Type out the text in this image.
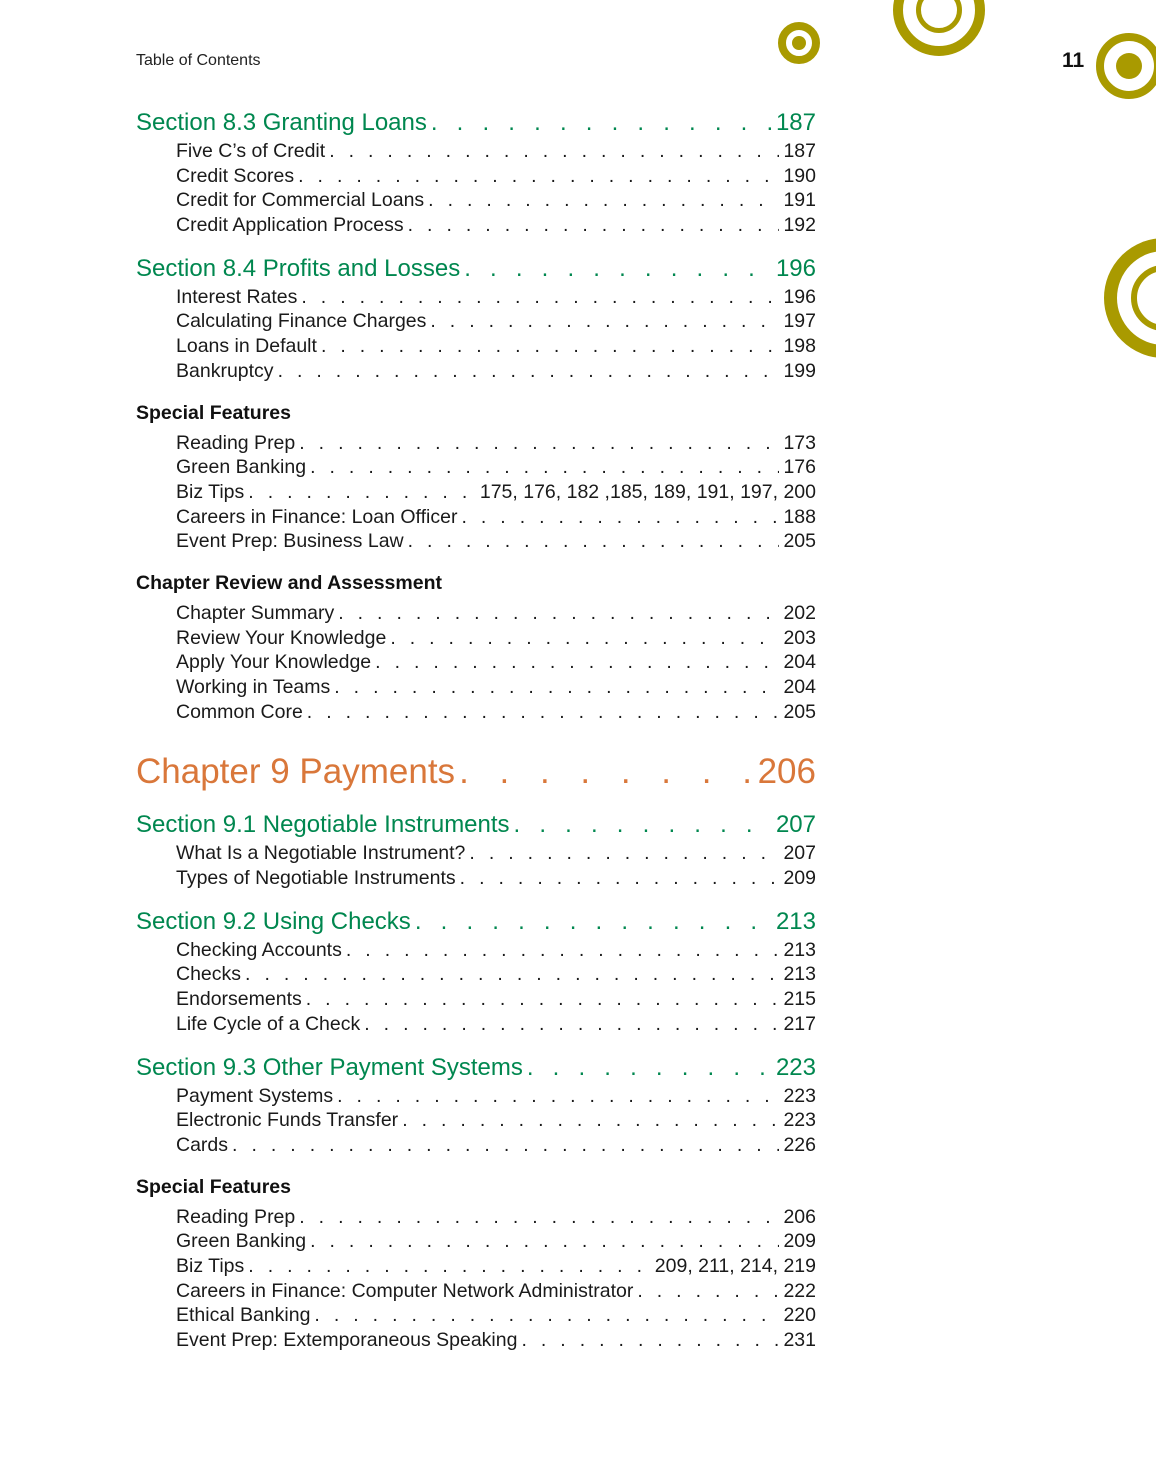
Table of Contents	11
Section 8.3 Granting Loans . . .	187
Five C’s of Credit . . .	187
Credit Scores . . .	190
Credit for Commercial Loans . . .	191
Credit Application Process . . .	192
Section 8.4 Profits and Losses . . .	196
Interest Rates . . .	196
Calculating Finance Charges . . .	197
Loans in Default . . .	198
Bankruptcy . . .	199
Special Features
Reading Prep . . .	173
Green Banking . . .	176
Biz Tips . . .	175, 176, 182 ,185, 189, 191, 197, 200
Careers in Finance: Loan Officer . . .	188
Event Prep: Business Law . . .	205
Chapter Review and Assessment
Chapter Summary . . .	202
Review Your Knowledge . . .	203
Apply Your Knowledge . . .	204
Working in Teams . . .	204
Common Core . . .	205
Chapter 9 Payments . . .	206
Section 9.1 Negotiable Instruments . . .	207
What Is a Negotiable Instrument? . . .	207
Types of Negotiable Instruments . . .	209
Section 9.2 Using Checks . . .	213
Checking Accounts . . .	213
Checks . . .	213
Endorsements . . .	215
Life Cycle of a Check . . .	217
Section 9.3 Other Payment Systems . . .	223
Payment Systems . . .	223
Electronic Funds Transfer . . .	223
Cards . . .	226
Special Features
Reading Prep . . .	206
Green Banking . . .	209
Biz Tips . . .	209, 211, 214, 219
Careers in Finance: Computer Network Administrator . . .	222
Ethical Banking . . .	220
Event Prep: Extemporaneous Speaking . . .	231
